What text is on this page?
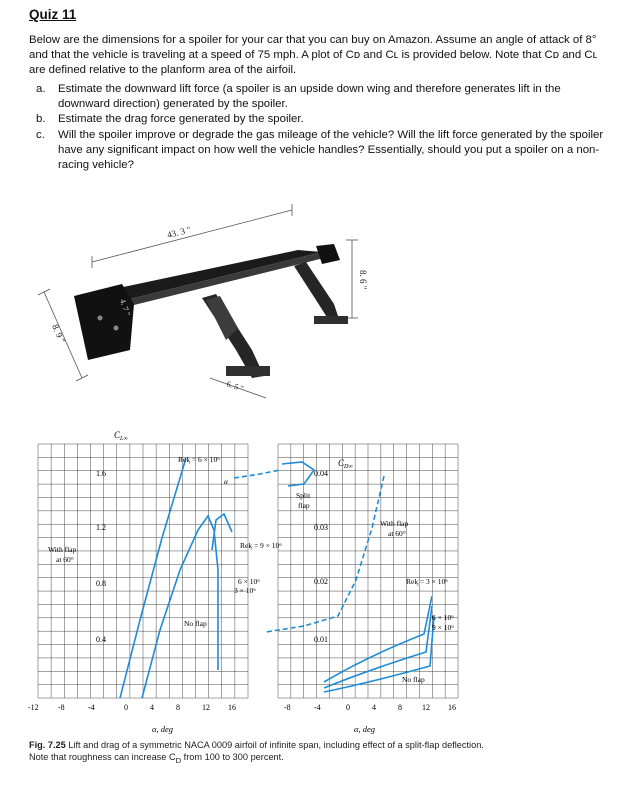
Quiz 11
Below are the dimensions for a spoiler for your car that you can buy on Amazon. Assume an angle of attack of 8° and that the vehicle is traveling at a speed of 75 mph. A plot of Cᴅ and Cʟ is provided below. Note that Cᴅ and Cʟ are defined relative to the planform area of the airfoil.
a.	Estimate the downward lift force (a spoiler is an upside down wing and therefore generates lift in the downward direction) generated by the spoiler.
b.	Estimate the drag force generated by the spoiler.
c.	Will the spoiler improve or degrade the gas mileage of the vehicle? Will the lift force generated by the spoiler have any significant impact on how well the vehicle handles? Essentially, should you put a spoiler on a non-racing vehicle?
43. 3 "
8. 6 "
8. 9 "
4. 7 "
6. 5 "
$C_{L\infty}$
$C_{D\infty}$
1.6
1.2
0.8
0.4
0.04
0.03
0.02
0.01
-12 -8	-4	0	4	8	12 16	-8	-4	0	4	8	12 16
α, deg	α, deg
Reᶄ = 6 × 10⁶
α
With flap
at 60°
Reᶄ = 9 × 10⁶
6 × 10⁶
3 × 10⁶
No flap
Split
flap
With flap
at 60°
Reᶄ = 3 × 10⁶
6 × 10⁶
9 × 10⁶
No flap
Fig. 7.25 Lift and drag of a symmetric NACA 0009 airfoil of infinite span, including effect of a split-flap deflection.
Note that roughness can increase $C_D$ from 100 to 300 percent.
